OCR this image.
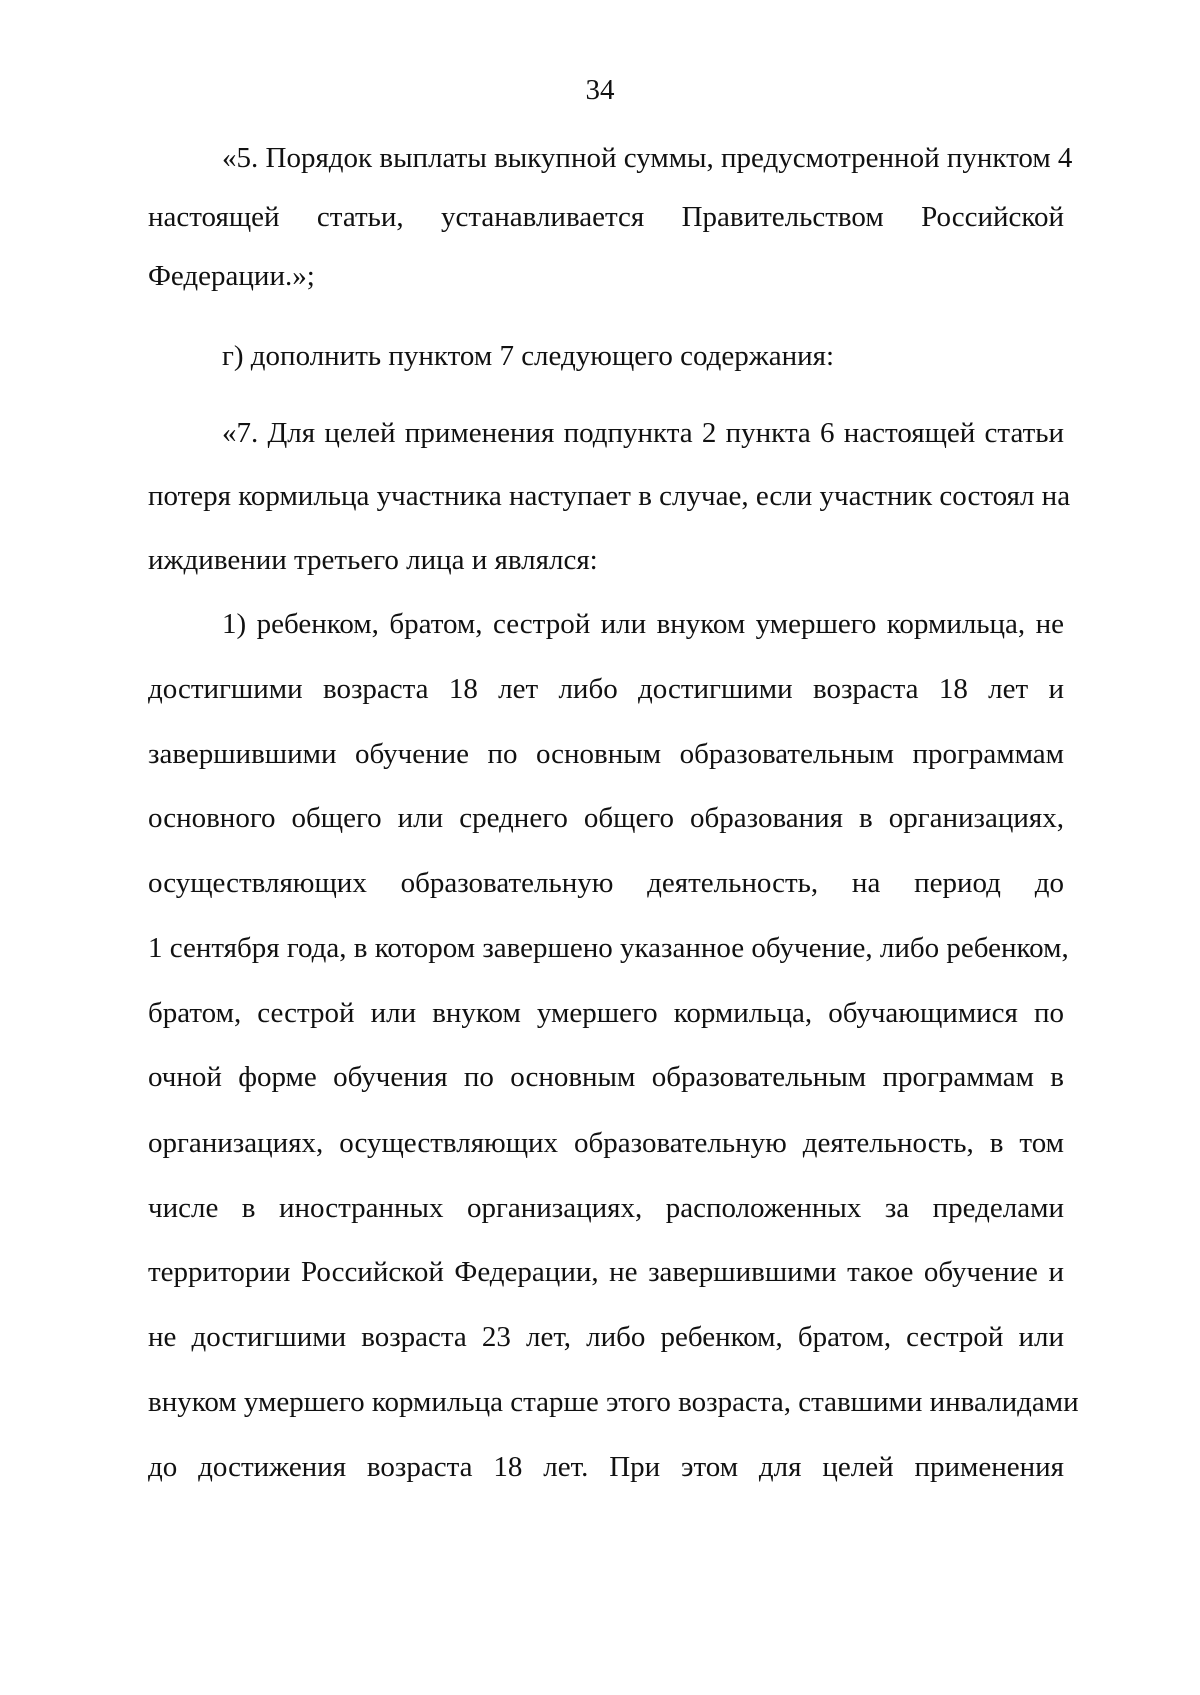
34
«5. Порядок выплаты выкупной суммы, предусмотренной пунктом 4
настоящей статьи, устанавливается Правительством Российской
Федерации.»;
г) дополнить пунктом 7 следующего содержания:
«7. Для целей применения подпункта 2 пункта 6 настоящей статьи
потеря кормильца участника наступает в случае, если участник состоял на
иждивении третьего лица и являлся:
1) ребенком, братом, сестрой или внуком умершего кормильца, не
достигшими возраста 18 лет либо достигшими возраста 18 лет и
завершившими обучение по основным образовательным программам
основного общего или среднего общего образования в организациях,
осуществляющих образовательную деятельность, на период до
1 сентября года, в котором завершено указанное обучение, либо ребенком,
братом, сестрой или внуком умершего кормильца, обучающимися по
очной форме обучения по основным образовательным программам в
организациях, осуществляющих образовательную деятельность, в том
числе в иностранных организациях, расположенных за пределами
территории Российской Федерации, не завершившими такое обучение и
не достигшими возраста 23 лет, либо ребенком, братом, сестрой или
внуком умершего кормильца старше этого возраста, ставшими инвалидами
до достижения возраста 18 лет. При этом для целей применения
